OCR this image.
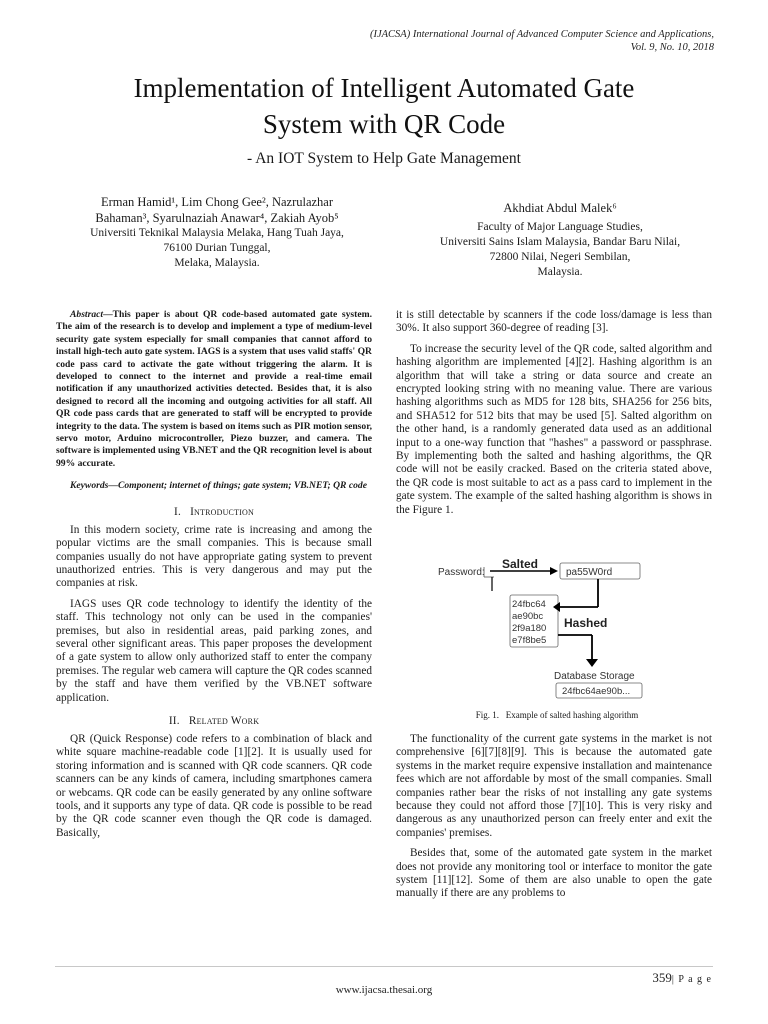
(IJACSA) International Journal of Advanced Computer Science and Applications,
Vol. 9, No. 10, 2018
Implementation of Intelligent Automated Gate
System with QR Code
- An IOT System to Help Gate Management
Erman Hamid¹, Lim Chong Gee², Nazrulazhar
Bahaman³, Syarulnaziah Anawar⁴, Zakiah Ayob⁵
Universiti Teknikal Malaysia Melaka, Hang Tuah Jaya,
76100 Durian Tunggal,
Melaka, Malaysia.
Akhdiat Abdul Malek⁶
Faculty of Major Language Studies,
Universiti Sains Islam Malaysia, Bandar Baru Nilai,
72800 Nilai, Negeri Sembilan,
Malaysia.
Abstract—This paper is about QR code-based automated gate system. The aim of the research is to develop and implement a type of medium-level security gate system especially for small companies that cannot afford to install high-tech auto gate system. IAGS is a system that uses valid staffs' QR code pass card to activate the gate without triggering the alarm. It is developed to connect to the internet and provide a real-time email notification if any unauthorized activities detected. Besides that, it is also designed to record all the incoming and outgoing activities for all staff. All QR code pass cards that are generated to staff will be encrypted to provide integrity to the data. The system is based on items such as PIR motion sensor, servo motor, Arduino microcontroller, Piezo buzzer, and camera. The software is implemented using VB.NET and the QR recognition level is about 99% accurate.
Keywords—Component; internet of things; gate system; VB.NET; QR code
I. Introduction

In this modern society, crime rate is increasing and among the popular victims are the small companies. This is because small companies usually do not have appropriate gating system to prevent unauthorized entries. This is very dangerous and may put the companies at risk.

IAGS uses QR code technology to identify the identity of the staff. This technology not only can be used in the companies' premises, but also in residential areas, paid parking zones, and several other significant areas. This paper proposes the development of a gate system to allow only authorized staff to enter the company premises. The regular web camera will capture the QR codes scanned by the staff and have them verified by the VB.NET software application.

II. Related Work

QR (Quick Response) code refers to a combination of black and white square machine-readable code [1][2]. It is usually used for storing information and is scanned with QR code scanners. QR code scanners can be any kinds of camera, including smartphones camera or webcams. QR code can be easily generated by any online software tools, and it supports any type of data. QR code is possible to be read by the QR code scanner even though the QR code is damaged. Basically,

it is still detectable by scanners if the code loss/damage is less than 30%. It also support 360-degree of reading [3].

To increase the security level of the QR code, salted algorithm and hashing algorithm are implemented [4][2]. Hashing algorithm is an algorithm that will take a string or data source and create an encrypted looking string with no meaning value. There are various hashing algorithms such as MD5 for 128 bits, SHA256 for 256 bits, and SHA512 for 512 bits that may be used [5]. Salted algorithm on the other hand, is a randomly generated data used as an additional input to a one-way function that "hashes" a password or passphrase. By implementing both the salted and hashing algorithms, the QR code will not be easily cracked. Based on the criteria stated above, the QR code is most suitable to act as a pass card to implement in the gate system. The example of the salted hashing algorithm is shows in the Figure 1.

Password:
Salted
pa55W0rd
24fbc64
ae90bc
2f9a180
e7f8be5
Hashed
Database Storage
24fbc64ae90b...
Fig. 1. Example of salted hashing algorithm

The functionality of the current gate systems in the market is not comprehensive [6][7][8][9]. This is because the automated gate systems in the market require expensive installation and maintenance fees which are not affordable by most of the small companies. Small companies rather bear the risks of not installing any gate systems because they could not afford those [7][10]. This is very risky and dangerous as any unauthorized person can freely enter and exit the companies' premises.

Besides that, some of the automated gate system in the market does not provide any monitoring tool or interface to monitor the gate system [11][12]. Some of them are also unable to open the gate manually if there are any problems to

359| P a g e
www.ijacsa.thesai.org
